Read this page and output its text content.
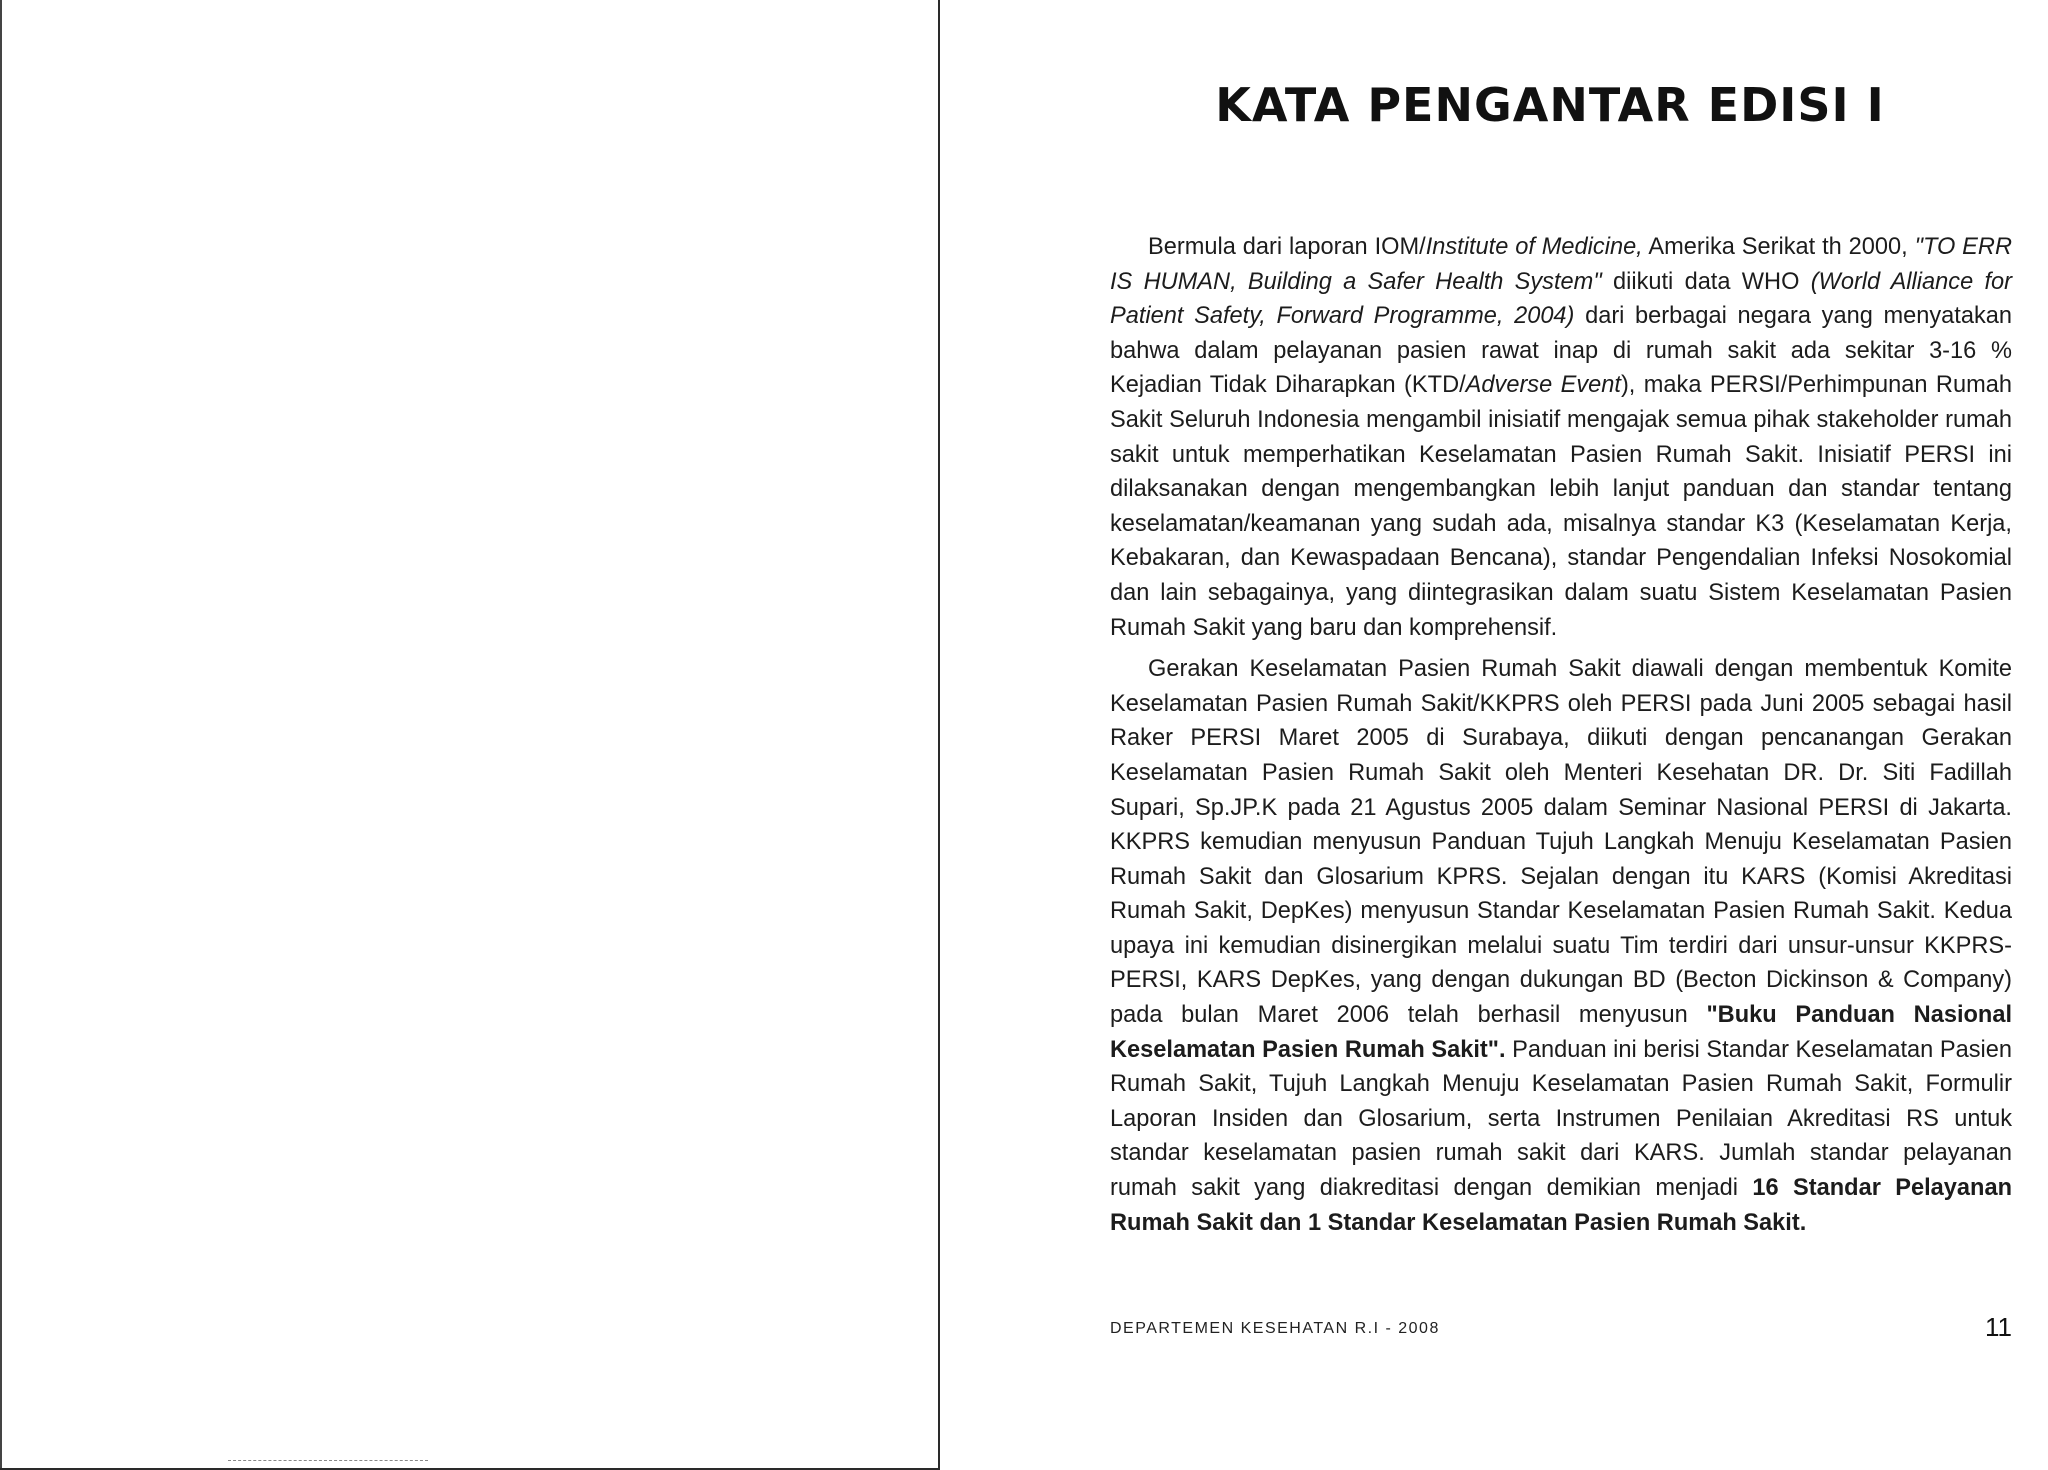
KATA PENGANTAR EDISI I

Bermula dari laporan IOM/Institute of Medicine, Amerika Serikat th 2000, "TO ERR IS HUMAN, Building a Safer Health System" diikuti data WHO (World Alliance for Patient Safety, Forward Programme, 2004) dari berbagai negara yang menyatakan bahwa dalam pelayanan pasien rawat inap di rumah sakit ada sekitar 3-16 % Kejadian Tidak Diharapkan (KTD/Adverse Event), maka PERSI/Perhimpunan Rumah Sakit Seluruh Indonesia mengambil inisiatif mengajak semua pihak stakeholder rumah sakit untuk memperhatikan Keselamatan Pasien Rumah Sakit. Inisiatif PERSI ini dilaksanakan dengan mengembangkan lebih lanjut panduan dan standar tentang keselamatan/keamanan yang sudah ada, misalnya standar K3 (Keselamatan Kerja, Kebakaran, dan Kewaspadaan Bencana), standar Pengendalian Infeksi Nosokomial dan lain sebagainya, yang diintegrasikan dalam suatu Sistem Keselamatan Pasien Rumah Sakit yang baru dan komprehensif.

Gerakan Keselamatan Pasien Rumah Sakit diawali dengan membentuk Komite Keselamatan Pasien Rumah Sakit/KKPRS oleh PERSI pada Juni 2005 sebagai hasil Raker PERSI Maret 2005 di Surabaya, diikuti dengan pencanangan Gerakan Keselamatan Pasien Rumah Sakit oleh Menteri Kesehatan DR. Dr. Siti Fadillah Supari, Sp.JP.K pada 21 Agustus 2005 dalam Seminar Nasional PERSI di Jakarta. KKPRS kemudian menyusun Panduan Tujuh Langkah Menuju Keselamatan Pasien Rumah Sakit dan Glosarium KPRS. Sejalan dengan itu KARS (Komisi Akreditasi Rumah Sakit, DepKes) menyusun Standar Keselamatan Pasien Rumah Sakit. Kedua upaya ini kemudian disinergikan melalui suatu Tim terdiri dari unsur-unsur KKPRS-PERSI, KARS DepKes, yang dengan dukungan BD (Becton Dickinson & Company) pada bulan Maret 2006 telah berhasil menyusun "Buku Panduan Nasional Keselamatan Pasien Rumah Sakit". Panduan ini berisi Standar Keselamatan Pasien Rumah Sakit, Tujuh Langkah Menuju Keselamatan Pasien Rumah Sakit, Formulir Laporan Insiden dan Glosarium, serta Instrumen Penilaian Akreditasi RS untuk standar keselamatan pasien rumah sakit dari KARS. Jumlah standar pelayanan rumah sakit yang diakreditasi dengan demikian menjadi 16 Standar Pelayanan Rumah Sakit dan 1 Standar Keselamatan Pasien Rumah Sakit.

DEPARTEMEN KESEHATAN R.I - 2008	11
